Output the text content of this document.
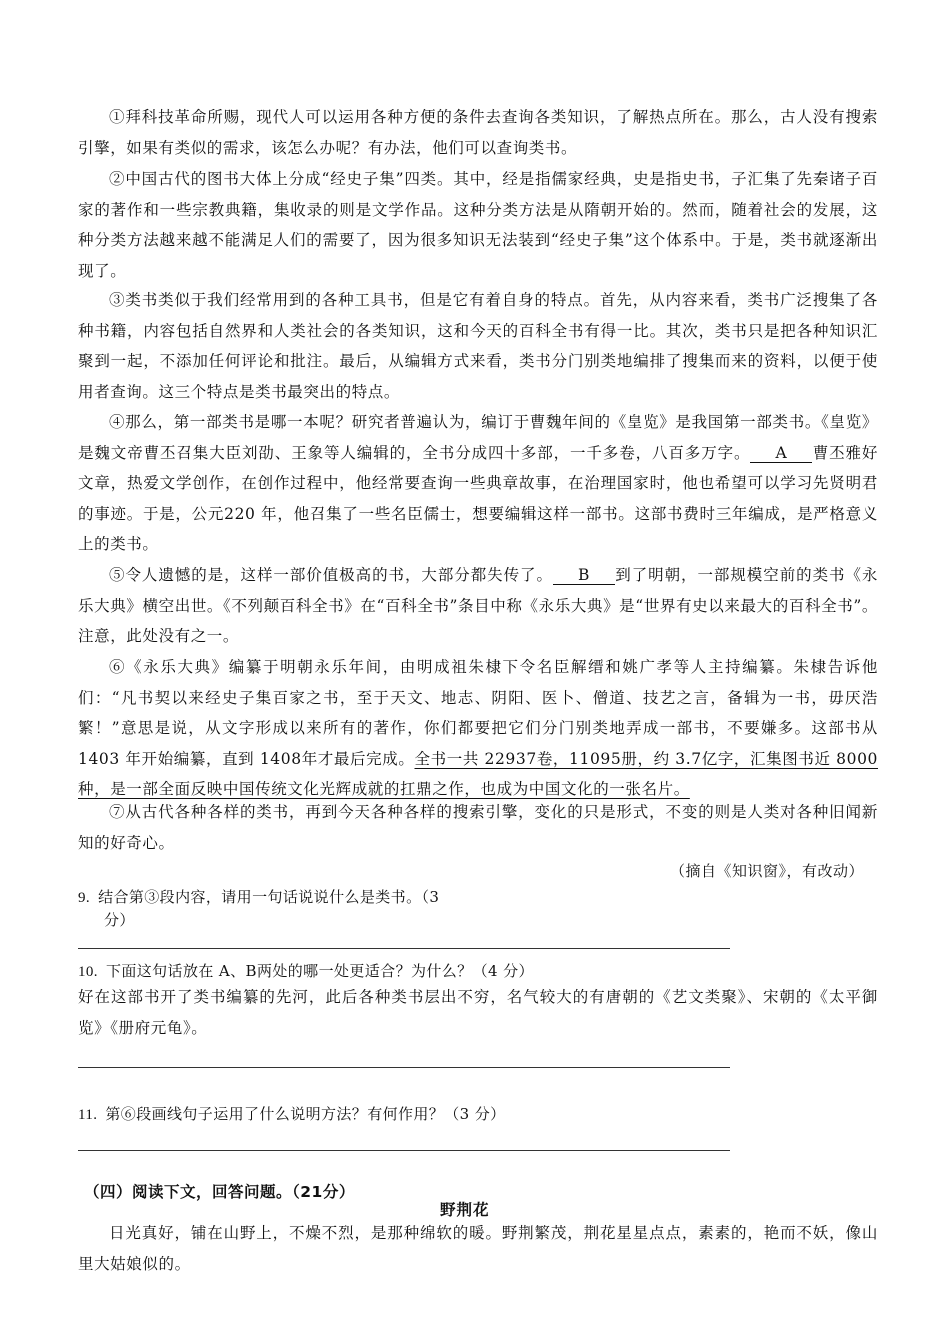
①拜科技革命所赐，现代人可以运用各种方便的条件去查询各类知识，了解热点所在。那么，古人没有搜索引擎，如果有类似的需求，该怎么办呢？有办法，他们可以查询类书。

②中国古代的图书大体上分成“经史子集”四类。其中，经是指儒家经典，史是指史书，子汇集了先秦诸子百家的著作和一些宗教典籍，集收录的则是文学作品。这种分类方法是从隋朝开始的。然而，随着社会的发展，这种分类方法越来越不能满足人们的需要了，因为很多知识无法装到“经史子集”这个体系中。于是，类书就逐渐出现了。

③类书类似于我们经常用到的各种工具书，但是它有着自身的特点。首先，从内容来看，类书广泛搜集了各种书籍，内容包括自然界和人类社会的各类知识，这和今天的百科全书有得一比。其次，类书只是把各种知识汇聚到一起，不添加任何评论和批注。最后，从编辑方式来看，类书分门别类地编排了搜集而来的资料，以便于使用者查询。这三个特点是类书最突出的特点。

④那么，第一部类书是哪一本呢？研究者普遍认为，编订于曹魏年间的《皇览》是我国第一部类书。《皇览》是魏文帝曹丕召集大臣刘劭、王象等人编辑的，全书分成四十多部，一千多卷，八百多万字。 A 曹丕雅好文章，热爱文学创作，在创作过程中，他经常要查询一些典章故事，在治理国家时，他也希望可以学习先贤明君的事迹。于是，公元220 年，他召集了一些名臣儒士，想要编辑这样一部书。这部书费时三年编成，是严格意义上的类书。

⑤令人遗憾的是，这样一部价值极高的书，大部分都失传了。 B 到了明朝，一部规模空前的类书《永乐大典》横空出世。《不列颠百科全书》在“百科全书”条目中称《永乐大典》是“世界有史以来最大的百科全书”。注意，此处没有之一。

⑥《永乐大典》编纂于明朝永乐年间，由明成祖朱棣下令名臣解缙和姚广孝等人主持编纂。朱棣告诉他们：“凡书契以来经史子集百家之书，至于天文、地志、阴阳、医卜、僧道、技艺之言，备辑为一书，毋厌浩繁！”意思是说，从文字形成以来所有的著作，你们都要把它们分门别类地弄成一部书，不要嫌多。这部书从 1403 年开始编纂，直到 1408年才最后完成。全书一共 22937卷，11095册，约 3.7亿字，汇集图书近 8000种，是一部全面反映中国传统文化光辉成就的扛鼎之作，也成为中国文化的一张名片。

⑦从古代各种各样的类书，再到今天各种各样的搜索引擎，变化的只是形式，不变的则是人类对各种旧闻新知的好奇心。

（摘自《知识窗》，有改动）
9. 结合第③段内容，请用一句话说说什么是类书。（3
分）
10. 下面这句话放在 A、B两处的哪一处更适合？为什么？（4 分）

好在这部书开了类书编纂的先河，此后各种类书层出不穷，名气较大的有唐朝的《艺文类聚》、宋朝的《太平御览》《册府元龟》。

11. 第⑥段画线句子运用了什么说明方法？有何作用？（3 分）
（四）阅读下文，回答问题。（21分）
野荆花

日光真好，铺在山野上，不燥不烈，是那种绵软的暖。野荆繁茂，荆花星星点点，素素的，艳而不妖，像山里大姑娘似的。
